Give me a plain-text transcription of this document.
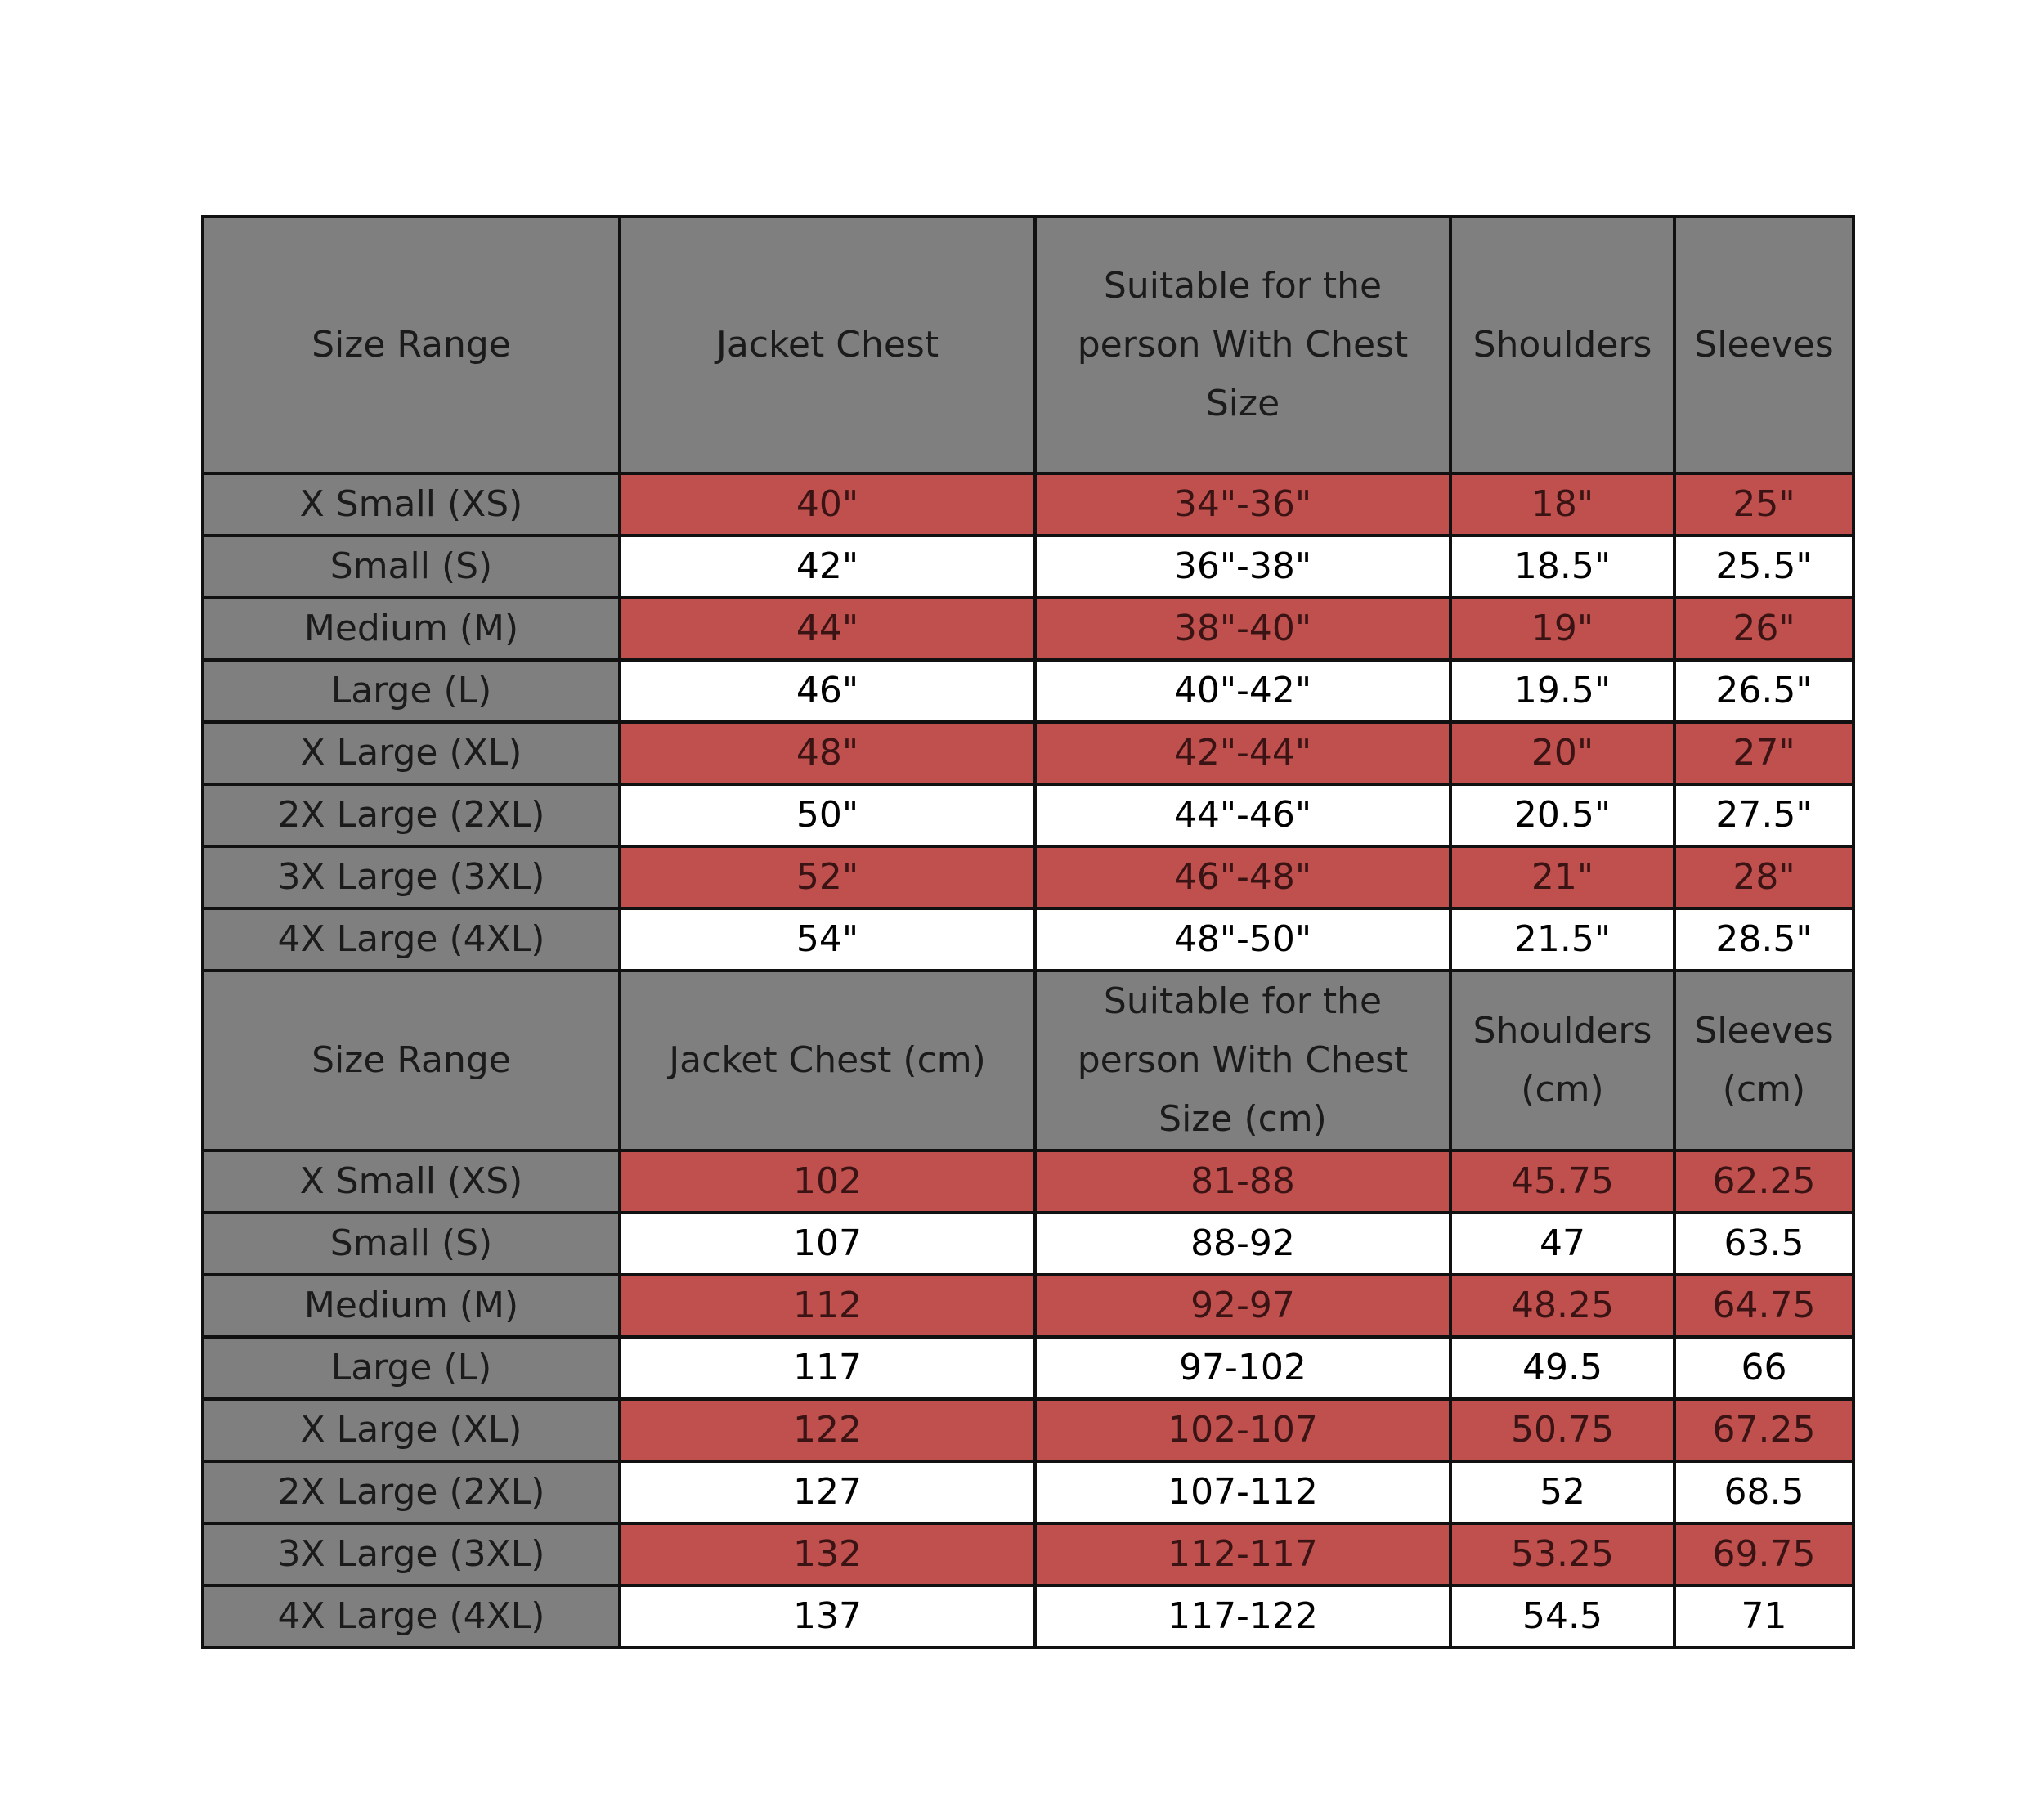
Size Range	Jacket Chest	Suitable for the person With Chest Size	Shoulders	Sleeves
X Small (XS)	40"	34"-36"	18"	25"
Small (S)	42"	36"-38"	18.5"	25.5"
Medium (M)	44"	38"-40"	19"	26"
Large (L)	46"	40"-42"	19.5"	26.5"
X Large (XL)	48"	42"-44"	20"	27"
2X Large (2XL)	50"	44"-46"	20.5"	27.5"
3X Large (3XL)	52"	46"-48"	21"	28"
4X Large (4XL)	54"	48"-50"	21.5"	28.5"
Size Range	Jacket Chest (cm)	Suitable for the person With Chest Size (cm)	Shoulders (cm)	Sleeves (cm)
X Small (XS)	102	81-88	45.75	62.25
Small (S)	107	88-92	47	63.5
Medium (M)	112	92-97	48.25	64.75
Large (L)	117	97-102	49.5	66
X Large (XL)	122	102-107	50.75	67.25
2X Large (2XL)	127	107-112	52	68.5
3X Large (3XL)	132	112-117	53.25	69.75
4X Large (4XL)	137	117-122	54.5	71
